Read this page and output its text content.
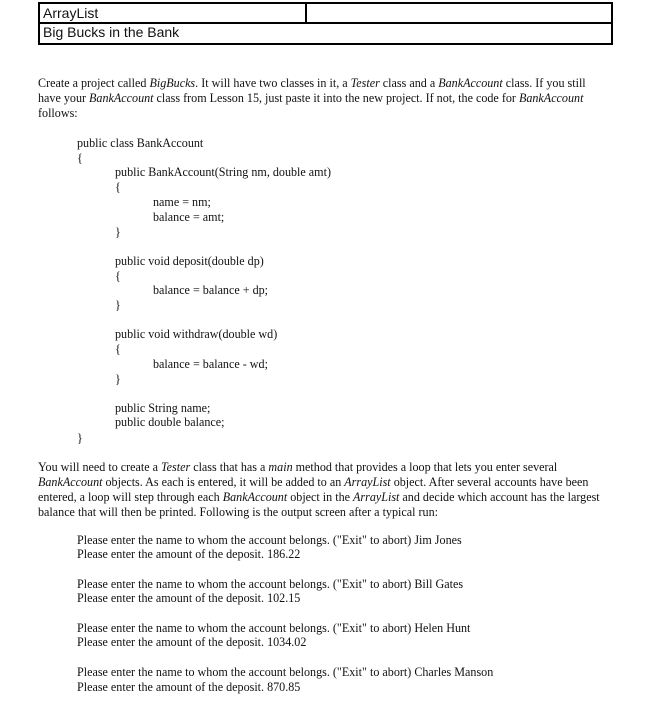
ArrayList
Big Bucks in the Bank
Create a project called BigBucks. It will have two classes in it, a Tester class and a BankAccount class. If you still have your BankAccount class from Lesson 15, just paste it into the new project. If not, the code for BankAccount follows:
public class BankAccount
{
public BankAccount(String nm, double amt)
{
name = nm;
balance = amt;
}
public void deposit(double dp)
{
balance = balance + dp;
}
public void withdraw(double wd)
{
balance = balance - wd;
}
public String name;
public double balance;
}
You will need to create a Tester class that has a main method that provides a loop that lets you enter several BankAccount objects. As each is entered, it will be added to an ArrayList object. After several accounts have been entered, a loop will step through each BankAccount object in the ArrayList and decide which account has the largest balance that will then be printed. Following is the output screen after a typical run:
Please enter the name to whom the account belongs. ("Exit" to abort) Jim Jones
Please enter the amount of the deposit. 186.22
Please enter the name to whom the account belongs. ("Exit" to abort) Bill Gates
Please enter the amount of the deposit. 102.15
Please enter the name to whom the account belongs. ("Exit" to abort) Helen Hunt
Please enter the amount of the deposit. 1034.02
Please enter the name to whom the account belongs. ("Exit" to abort) Charles Manson
Please enter the amount of the deposit. 870.85
